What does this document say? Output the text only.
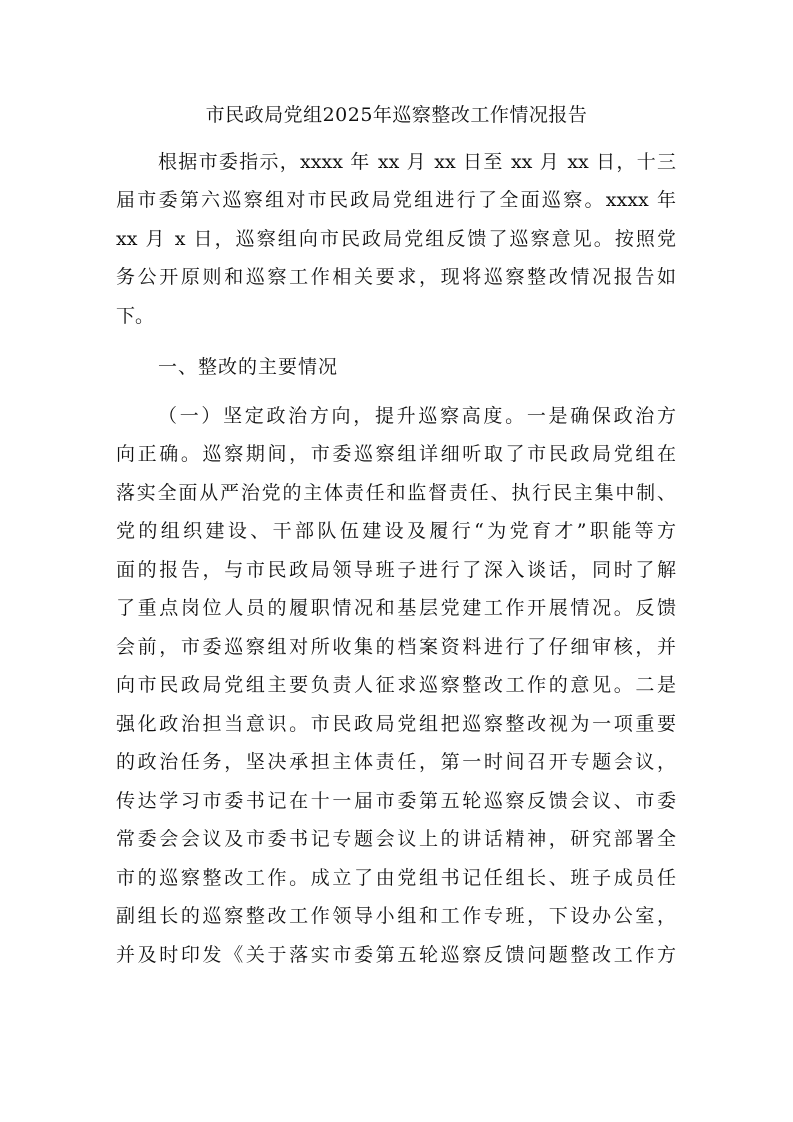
市民政局党组2025年巡察整改工作情况报告
根据市委指示，xxxx 年 xx 月 xx 日至 xx 月 xx 日，十三
届市委第六巡察组对市民政局党组进行了全面巡察。xxxx 年
xx 月 x 日，巡察组向市民政局党组反馈了巡察意见。按照党
务公开原则和巡察工作相关要求，现将巡察整改情况报告如
下。
一、整改的主要情况
（一）坚定政治方向，提升巡察高度。一是确保政治方
向正确。巡察期间，市委巡察组详细听取了市民政局党组在
落实全面从严治党的主体责任和监督责任、执行民主集中制、
党的组织建设、干部队伍建设及履行“为党育才”职能等方
面的报告，与市民政局领导班子进行了深入谈话，同时了解
了重点岗位人员的履职情况和基层党建工作开展情况。反馈
会前，市委巡察组对所收集的档案资料进行了仔细审核，并
向市民政局党组主要负责人征求巡察整改工作的意见。二是
强化政治担当意识。市民政局党组把巡察整改视为一项重要
的政治任务，坚决承担主体责任，第一时间召开专题会议，
传达学习市委书记在十一届市委第五轮巡察反馈会议、市委
常委会会议及市委书记专题会议上的讲话精神，研究部署全
市的巡察整改工作。成立了由党组书记任组长、班子成员任
副组长的巡察整改工作领导小组和工作专班，下设办公室，
并及时印发《关于落实市委第五轮巡察反馈问题整改工作方
